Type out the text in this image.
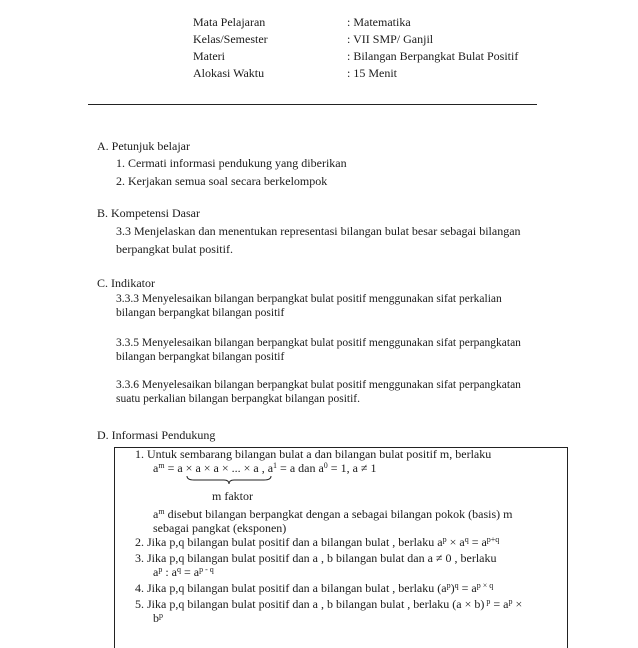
Mata Pelajaran	: Matematika
Kelas/Semester	: VII SMP/ Ganjil
Materi	: Bilangan Berpangkat Bulat Positif
Alokasi Waktu	: 15 Menit
A. Petunjuk belajar
1. Cermati informasi pendukung yang diberikan
2. Kerjakan semua soal secara berkelompok
B. Kompetensi Dasar
3.3 Menjelaskan dan menentukan representasi bilangan bulat besar sebagai bilangan
berpangkat bulat positif.
C. Indikator
3.3.3 Menyelesaikan bilangan berpangkat bulat positif menggunakan sifat perkalian
bilangan berpangkat bilangan positif
3.3.5 Menyelesaikan bilangan berpangkat bulat positif menggunakan sifat perpangkatan
bilangan berpangkat bilangan positif
3.3.6 Menyelesaikan bilangan berpangkat bulat positif menggunakan sifat perpangkatan
suatu perkalian bilangan berpangkat bilangan positif.
D. Informasi Pendukung
1. Untuk sembarang bilangan bulat a dan bilangan bulat positif m, berlaku
$a^m = a \times a \times a$ × ... × a , $a^1 = a$ dan $a^0 = 1$, a ≠ 1
m faktor
$a^m$ disebut bilangan berpangkat dengan a sebagai bilangan pokok (basis) m
sebagai pangkat (eksponen)
2. Jika p,q bilangan bulat positif dan a bilangan bulat , berlaku $a^p \times a^q = a^{p+q}$
3. Jika p,q bilangan bulat positif dan a , b bilangan bulat dan a ≠ 0 , berlaku
$a^p$ : $a^q = a^{p - q}$
4. Jika p,q bilangan bulat positif dan a bilangan bulat , berlaku $(a^p)^q = a^{p \times q}$
5. Jika p,q bilangan bulat positif dan a , b bilangan bulat , berlaku (a × b) $^p = a^p$ ×
$b^p$
